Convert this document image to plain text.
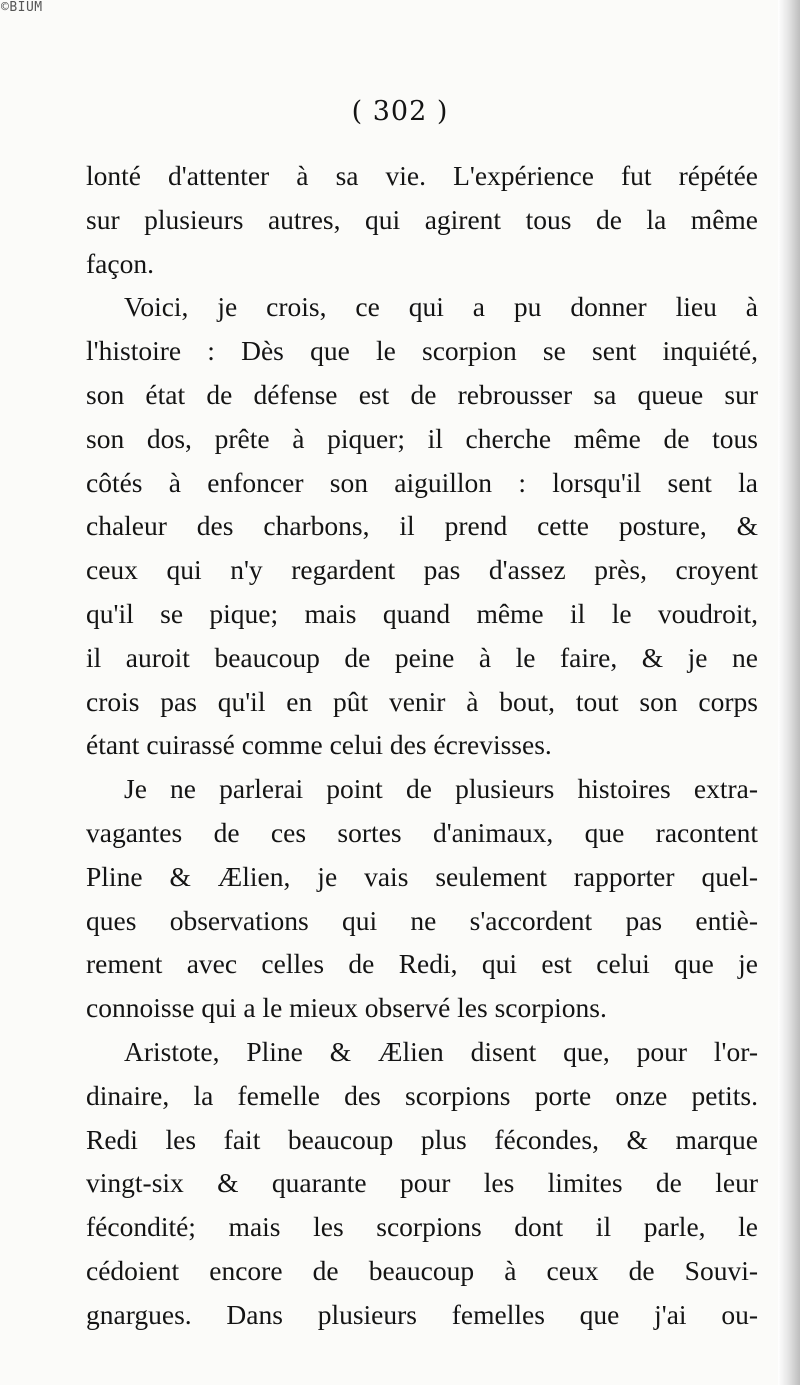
©BIUM
( 302 )
lonté d'attenter à sa vie. L'expérience fut répétée
sur plusieurs autres, qui agirent tous de la même
façon.
Voici, je crois, ce qui a pu donner lieu à
l'histoire : Dès que le scorpion se sent inquiété,
son état de défense est de rebrousser sa queue sur
son dos, prête à piquer; il cherche même de tous
côtés à enfoncer son aiguillon : lorsqu'il sent la
chaleur des charbons, il prend cette posture, &
ceux qui n'y regardent pas d'assez près, croyent
qu'il se pique; mais quand même il le voudroit,
il auroit beaucoup de peine à le faire, & je ne
crois pas qu'il en pût venir à bout, tout son corps
étant cuirassé comme celui des écrevisses.
Je ne parlerai point de plusieurs histoires extra-
vagantes de ces sortes d'animaux, que racontent
Pline & Ælien, je vais seulement rapporter quel-
ques observations qui ne s'accordent pas entiè-
rement avec celles de Redi, qui est celui que je
connoisse qui a le mieux observé les scorpions.
Aristote, Pline & Ælien disent que, pour l'or-
dinaire, la femelle des scorpions porte onze petits.
Redi les fait beaucoup plus fécondes, & marque
vingt-six & quarante pour les limites de leur
fécondité; mais les scorpions dont il parle, le
cédoient encore de beaucoup à ceux de Souvi-
gnargues. Dans plusieurs femelles que j'ai ou-
